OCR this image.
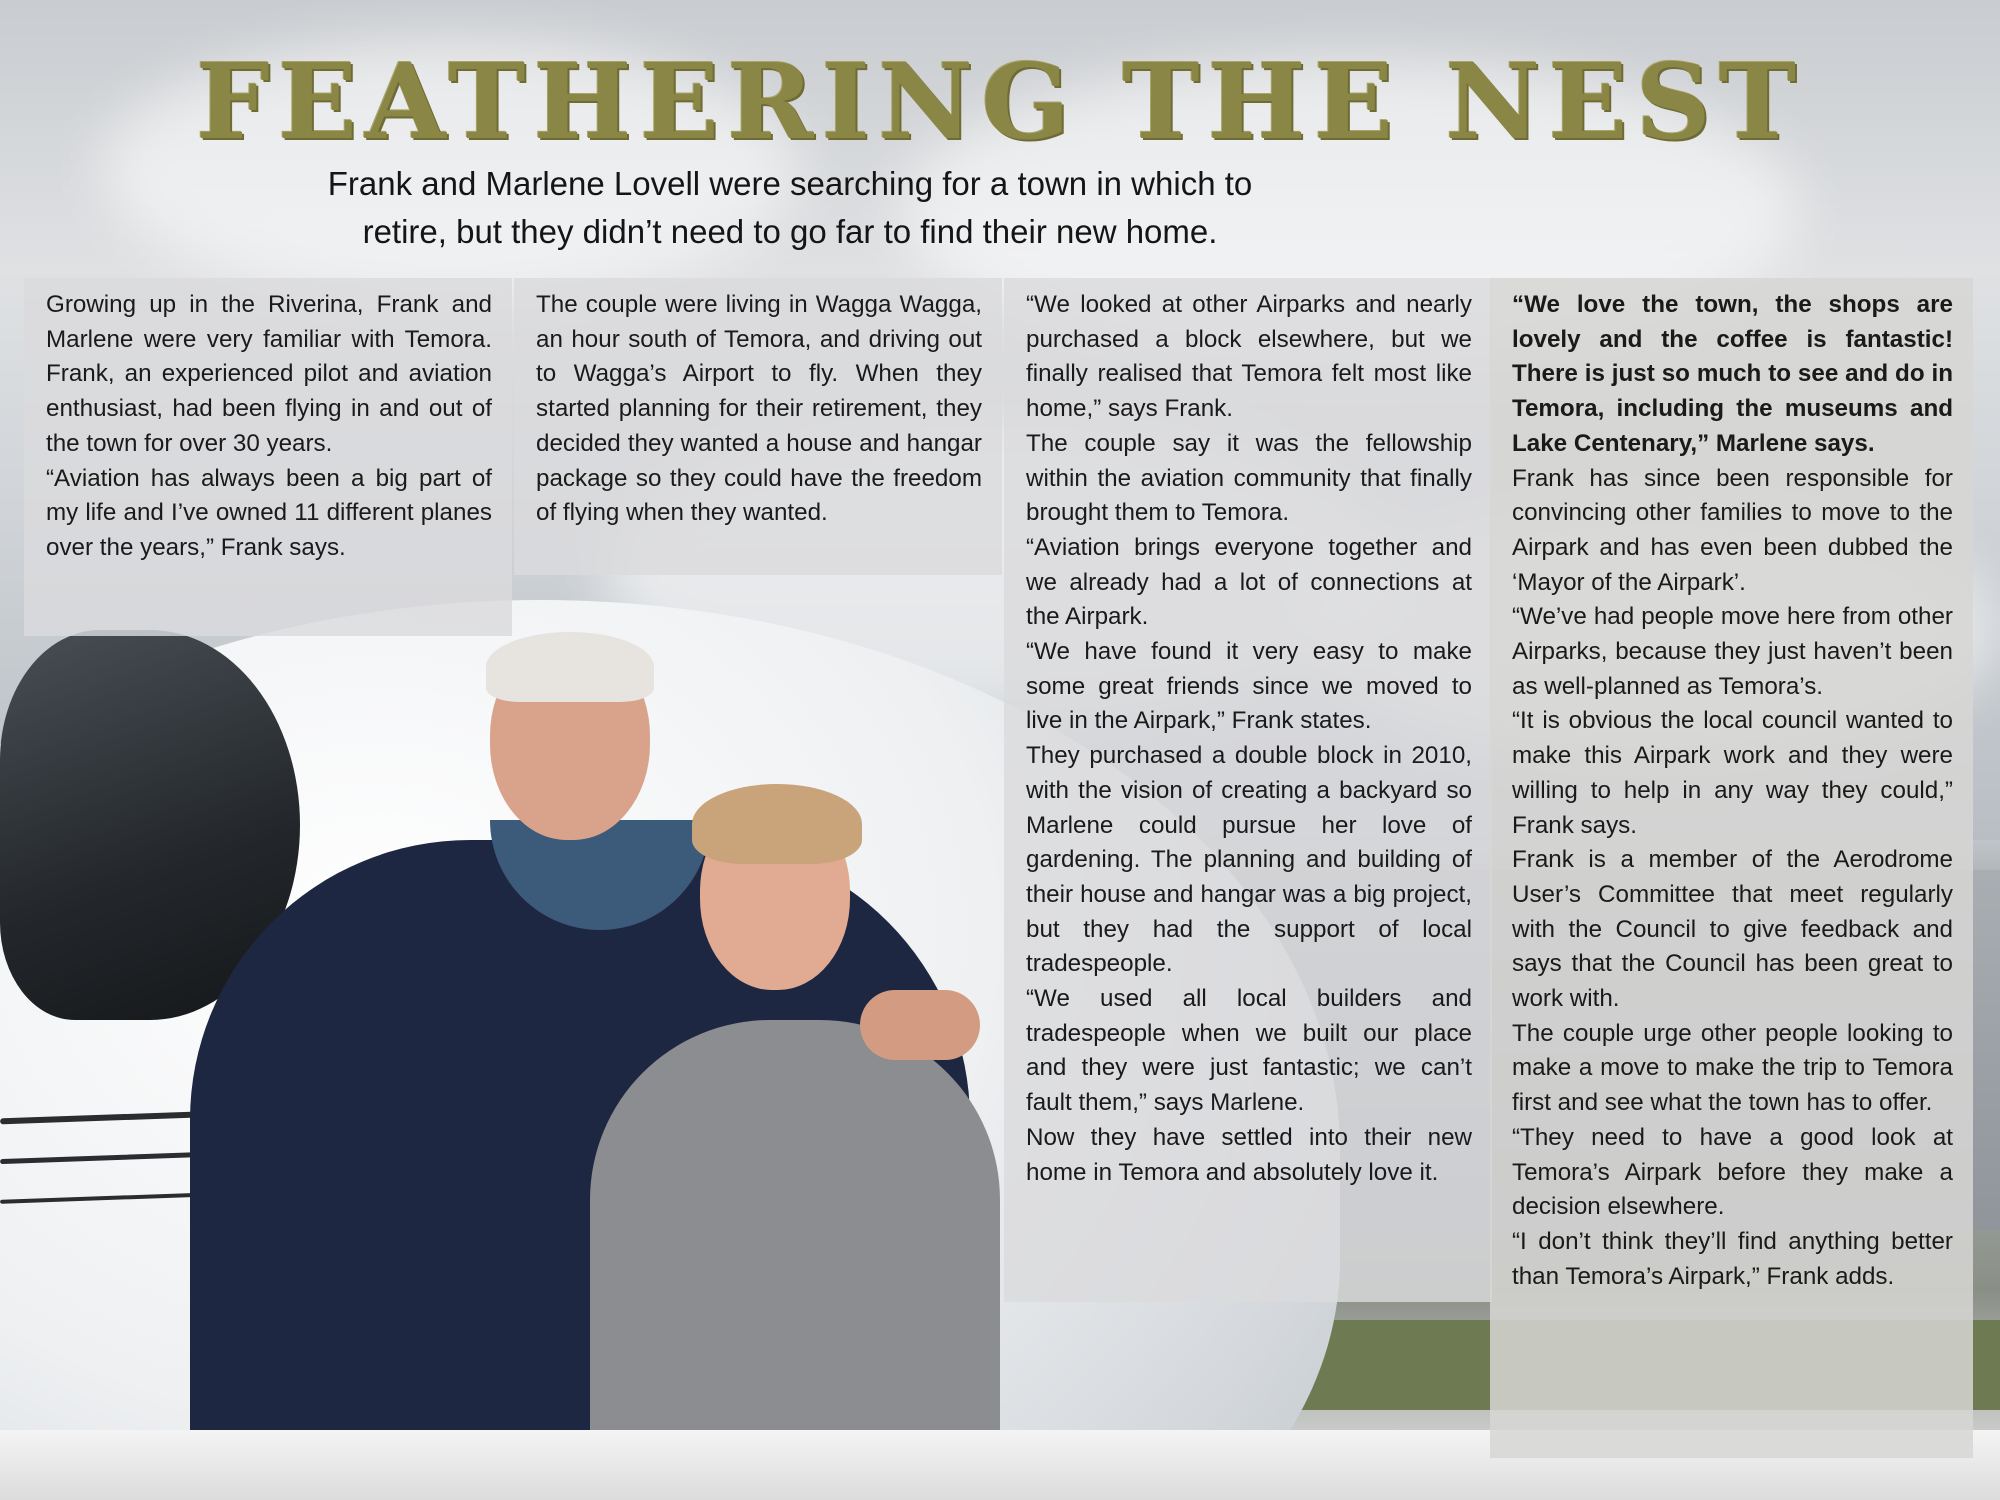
FEATHERING THE NEST
Frank and Marlene Lovell were searching for a town in which to retire, but they didn’t need to go far to find their new home.

Growing up in the Riverina, Frank and Marlene were very familiar with Temora. Frank, an experienced pilot and aviation enthusiast, had been flying in and out of the town for over 30 years.

“Aviation has always been a big part of my life and I’ve owned 11 different planes over the years,” Frank says.

The couple were living in Wagga Wagga, an hour south of Temora, and driving out to Wagga’s Airport to fly. When they started planning for their retirement, they decided they wanted a house and hangar package so they could have the freedom of flying when they wanted.

“We looked at other Airparks and nearly purchased a block elsewhere, but we finally realised that Temora felt most like home,” says Frank.

The couple say it was the fellowship within the aviation community that finally brought them to Temora.

“Aviation brings everyone together and we already had a lot of connections at the Airpark.

“We have found it very easy to make some great friends since we moved to live in the Airpark,” Frank states.

They purchased a double block in 2010, with the vision of creating a backyard so Marlene could pursue her love of gardening. The planning and building of their house and hangar was a big project, but they had the support of local tradespeople.

“We used all local builders and tradespeople when we built our place and they were just fantastic; we can’t fault them,” says Marlene.

Now they have settled into their new home in Temora and absolutely love it.

“We love the town, the shops are lovely and the coffee is fantastic! There is just so much to see and do in Temora, including the museums and Lake Centenary,” Marlene says.

Frank has since been responsible for convincing other families to move to the Airpark and has even been dubbed the ‘Mayor of the Airpark’.

“We’ve had people move here from other Airparks, because they just haven’t been as well-planned as Temora’s.

“It is obvious the local council wanted to make this Airpark work and they were willing to help in any way they could,” Frank says.

Frank is a member of the Aerodrome User’s Committee that meet regularly with the Council to give feedback and says that the Council has been great to work with.

The couple urge other people looking to make a move to make the trip to Temora first and see what the town has to offer.

“They need to have a good look at Temora’s Airpark before they make a decision elsewhere.

“I don’t think they’ll find anything better than Temora’s Airpark,” Frank adds.
